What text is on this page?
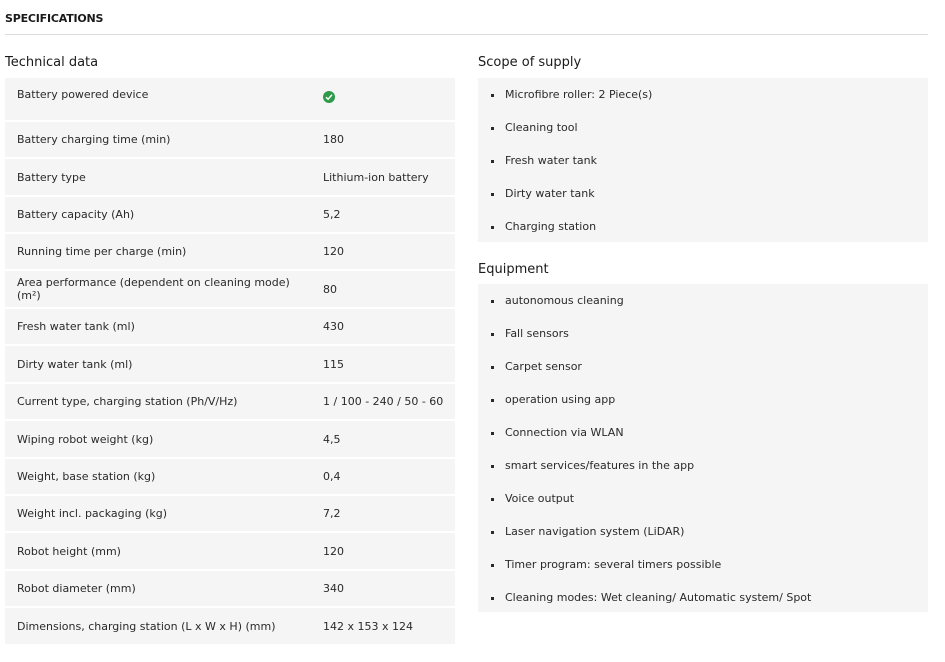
SPECIFICATIONS
Technical data
Battery powered device
Battery charging time (min)	180
Battery type	Lithium-ion battery
Battery capacity (Ah)	5,2
Running time per charge (min)	120
Area performance (dependent on cleaning mode) (m²)	80
Fresh water tank (ml)	430
Dirty water tank (ml)	115
Current type, charging station (Ph/V/Hz)	1 / 100 - 240 / 50 - 60
Wiping robot weight (kg)	4,5
Weight, base station (kg)	0,4
Weight incl. packaging (kg)	7,2
Robot height (mm)	120
Robot diameter (mm)	340
Dimensions, charging station (L x W x H) (mm)	142 x 153 x 124
Scope of supply
Microfibre roller: 2 Piece(s)
Cleaning tool
Fresh water tank
Dirty water tank
Charging station
Equipment
autonomous cleaning
Fall sensors
Carpet sensor
operation using app
Connection via WLAN
smart services/features in the app
Voice output
Laser navigation system (LiDAR)
Timer program: several timers possible
Cleaning modes: Wet cleaning/ Automatic system/ Spot
